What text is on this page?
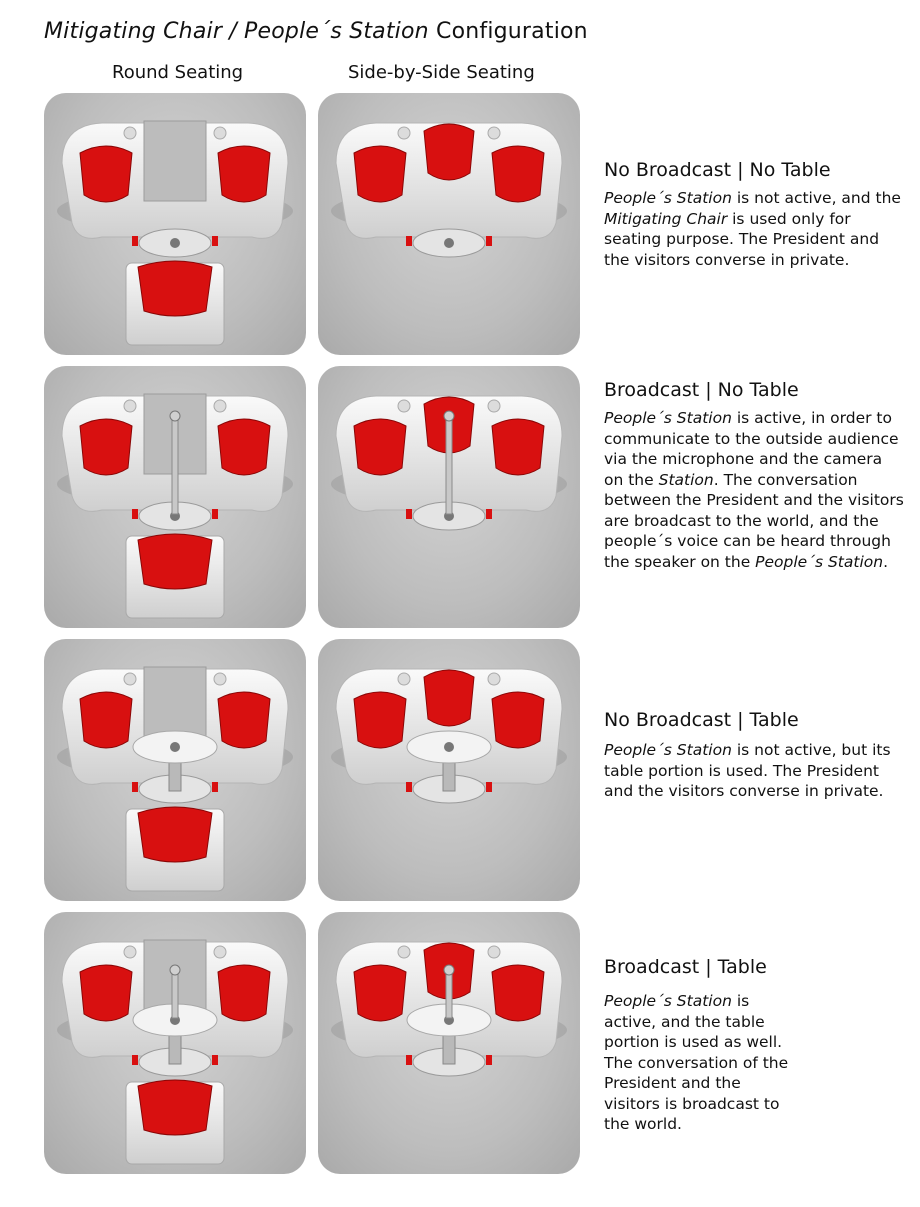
Mitigating Chair / People´s Station Configuration
Round Seating	Side-by-Side Seating
No Broadcast | No Table

People´s Station is not active, and the Mitigating Chair is used only for seating purpose. The President and the visitors converse in private.

Broadcast | No Table

People´s Station is active, in order to communicate to the outside audience via the microphone and the camera on the Station. The conversation between the President and the visitors are broadcast to the world, and the people´s voice can be heard through the speaker on the People´s Station.

No Broadcast | Table

People´s Station is not active, but its table portion is used. The President and the visitors converse in private.

Broadcast | Table

People´s Station is active, and the table portion is used as well. The conversation of the President and the visitors is broadcast to the world.
